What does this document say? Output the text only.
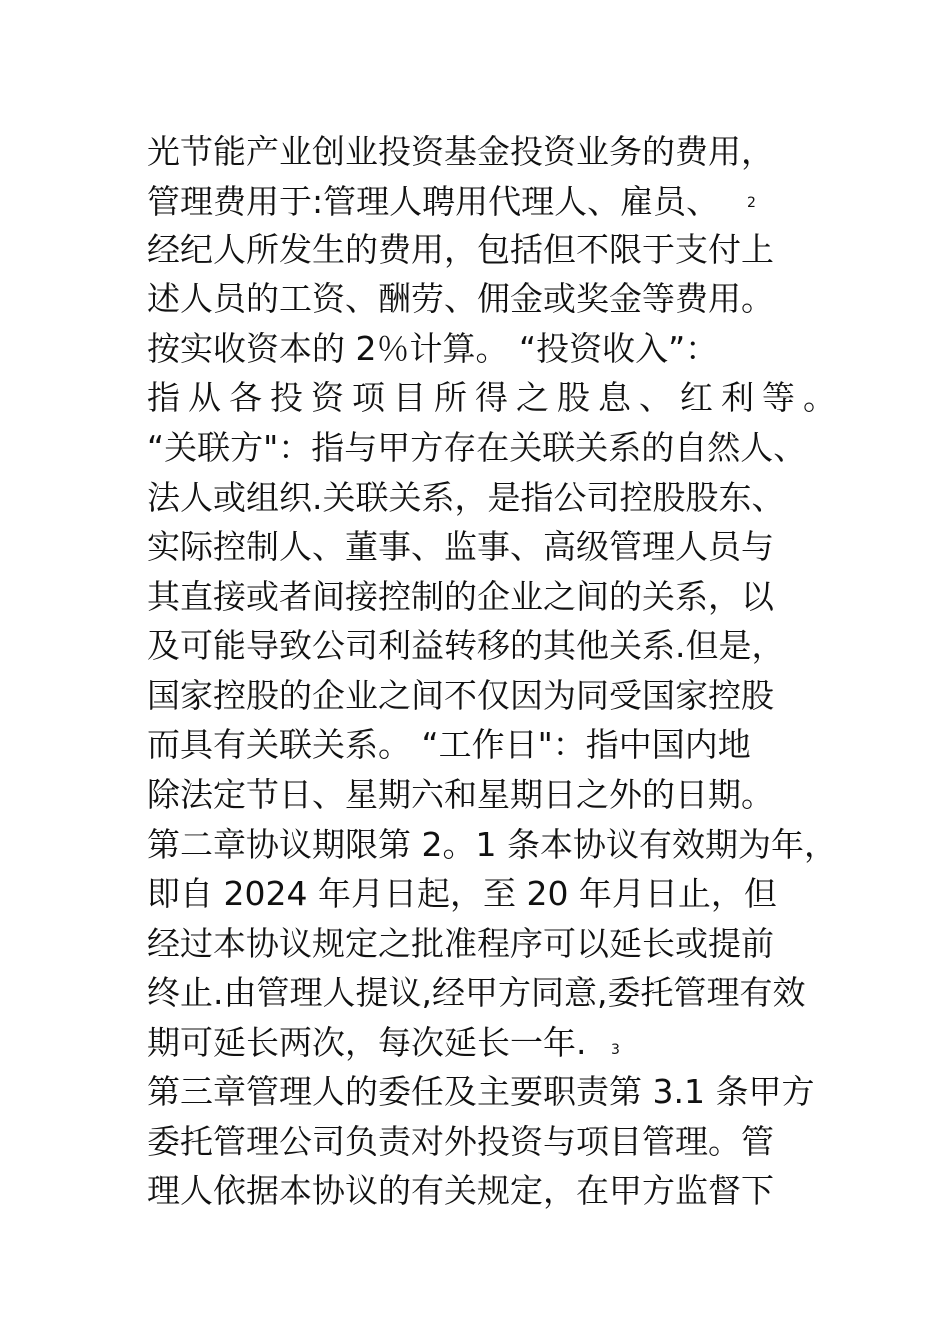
光节能产业创业投资基金投资业务的费用，
管理费用于:管理人聘用代理人、雇员、 2
经纪人所发生的费用，包括但不限于支付上
述人员的工资、酬劳、佣金或奖金等费用。
按实收资本的 2％计算。 “投资收入”：
指从各投资项目所得之股息、红利等。
“关联方"：指与甲方存在关联关系的自然人、
法人或组织.关联关系，是指公司控股股东、
实际控制人、董事、监事、高级管理人员与
其直接或者间接控制的企业之间的关系，以
及可能导致公司利益转移的其他关系.但是，
国家控股的企业之间不仅因为同受国家控股
而具有关联关系。 “工作日"：指中国内地
除法定节日、星期六和星期日之外的日期。
第二章协议期限第 2。1 条本协议有效期为年，
即自 2024 年月日起，至 20 年月日止，但
经过本协议规定之批准程序可以延长或提前
终止.由管理人提议,经甲方同意,委托管理有效
期可延长两次，每次延长一年. 3
第三章管理人的委任及主要职责第 3.1 条甲方
委托管理公司负责对外投资与项目管理。管
理人依据本协议的有关规定，在甲方监督下
